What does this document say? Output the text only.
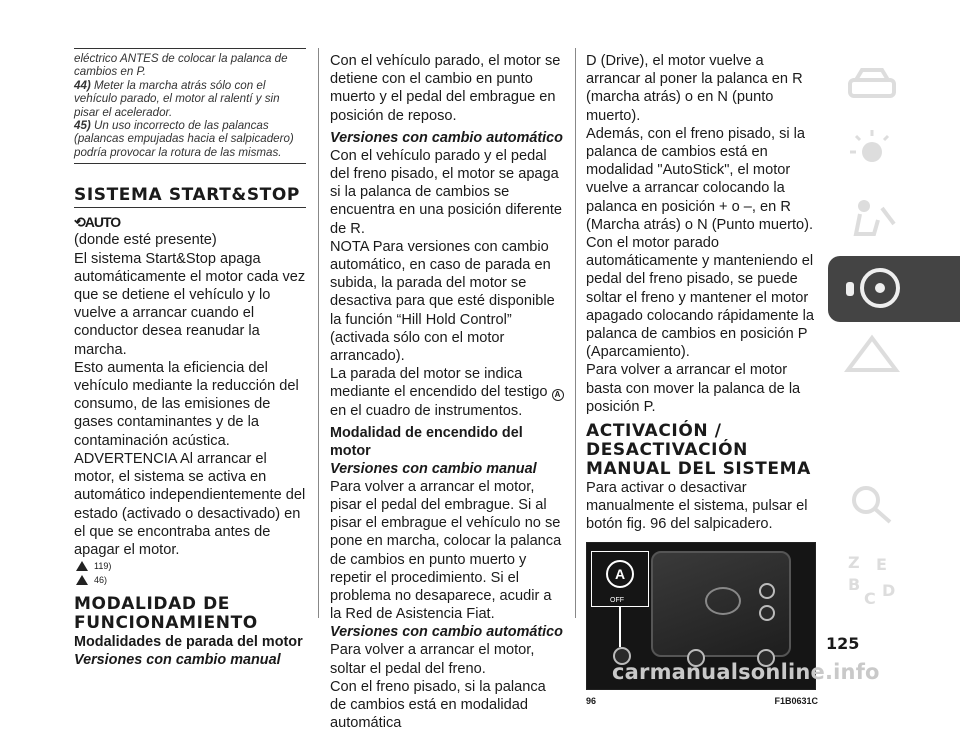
eléctrico ANTES de colocar la palanca de cambios en P.
44) Meter la marcha atrás sólo con el vehículo parado, el motor al ralentí y sin pisar el acelerador.
45) Un uso incorrecto de las palancas (palancas empujadas hacia el salpicadero) podría provocar la rotura de las mismas.
SISTEMA START&STOP
⟲AUTO

(donde esté presente)

El sistema Start&Stop apaga automáticamente el motor cada vez que se detiene el vehículo y lo vuelve a arrancar cuando el conductor desea reanudar la marcha.

Esto aumenta la eficiencia del vehículo mediante la reducción del consumo, de las emisiones de gases contaminantes y de la contaminación acústica.

ADVERTENCIA Al arrancar el motor, el sistema se activa en automático independientemente del estado (activado o desactivado) en el que se encontraba antes de apagar el motor.

119)
46)
MODALIDAD DE FUNCIONAMIENTO
Modalidades de parada del motor
Versiones con cambio manual

Con el vehículo parado, el motor se detiene con el cambio en punto muerto y el pedal del embrague en posición de reposo.

Versiones con cambio automático

Con el vehículo parado y el pedal del freno pisado, el motor se apaga si la palanca de cambios se encuentra en una posición diferente de R.

NOTA Para versiones con cambio automático, en caso de parada en subida, la parada del motor se desactiva para que esté disponible la función “Hill Hold Control” (activada sólo con el motor arrancado).

La parada del motor se indica mediante el encendido del testigo A en el cuadro de instrumentos.

Modalidad de encendido del motor
Versiones con cambio manual

Para volver a arrancar el motor, pisar el pedal del embrague. Si al pisar el embrague el vehículo no se pone en marcha, colocar la palanca de cambios en punto muerto y repetir el procedimiento. Si el problema no desaparece, acudir a la Red de Asistencia Fiat.

Versiones con cambio automático

Para volver a arrancar el motor, soltar el pedal del freno.

Con el freno pisado, si la palanca de cambios está en modalidad automática

D (Drive), el motor vuelve a arrancar al poner la palanca en R (marcha atrás) o en N (punto muerto).

Además, con el freno pisado, si la palanca de cambios está en modalidad "AutoStick", el motor vuelve a arrancar colocando la palanca en posición + o –, en R (Marcha atrás) o N (Punto muerto).

Con el motor parado automáticamente y manteniendo el pedal del freno pisado, se puede soltar el freno y mantener el motor apagado colocando rápidamente la palanca de cambios en posición P (Aparcamiento).

Para volver a arrancar el motor basta con mover la palanca de la posición P.

ACTIVACIÓN / DESACTIVACIÓN MANUAL DEL SISTEMA

Para activar o desactivar manualmente el sistema, pulsar el botón fig. 96 del salpicadero.

A
OFF
96	F1B0631C
Z E
B
C D
125
carmanualsonline.info
